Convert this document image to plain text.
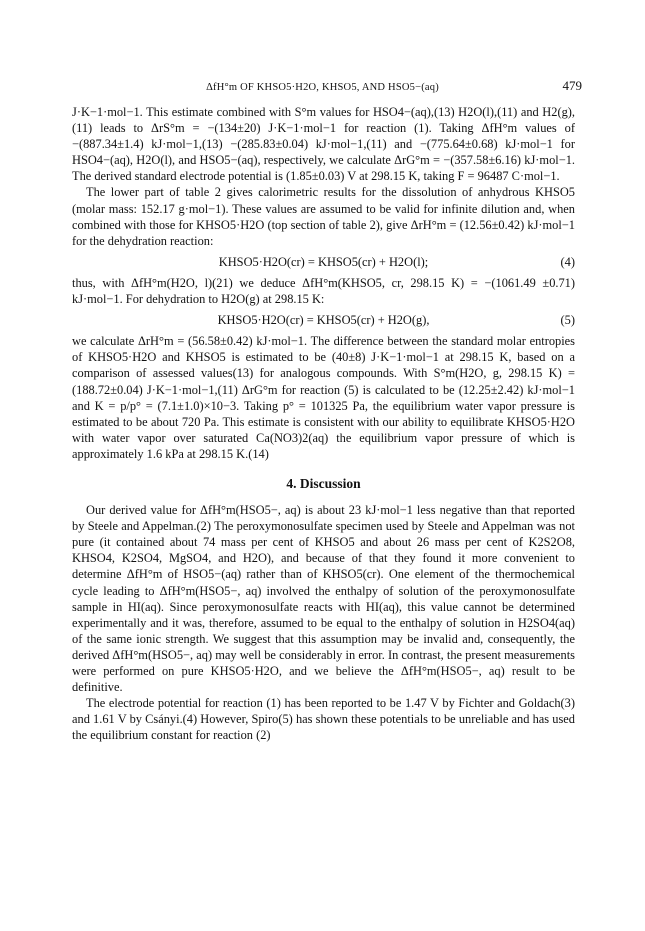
ΔfH°m OF KHSO5·H2O, KHSO5, AND HSO5−(aq)	479

J·K−1·mol−1. This estimate combined with S°m values for HSO4−(aq),(13) H2O(l),(11) and H2(g),(11) leads to ΔrS°m = −(134±20) J·K−1·mol−1 for reaction (1). Taking ΔfH°m values of −(887.34±1.4) kJ·mol−1,(13) −(285.83±0.04) kJ·mol−1,(11) and −(775.64±0.68) kJ·mol−1 for HSO4−(aq), H2O(l), and HSO5−(aq), respectively, we calculate ΔrG°m = −(357.58±6.16) kJ·mol−1. The derived standard electrode potential is (1.85±0.03) V at 298.15 K, taking F = 96487 C·mol−1.

The lower part of table 2 gives calorimetric results for the dissolution of anhydrous KHSO5 (molar mass: 152.17 g·mol−1). These values are assumed to be valid for infinite dilution and, when combined with those for KHSO5·H2O (top section of table 2), give ΔrH°m = (12.56±0.42) kJ·mol−1 for the dehydration reaction:

KHSO5·H2O(cr) = KHSO5(cr) + H2O(l);	(4)

thus, with ΔfH°m(H2O, l)(21) we deduce ΔfH°m(KHSO5, cr, 298.15 K) = −(1061.49 ±0.71) kJ·mol−1. For dehydration to H2O(g) at 298.15 K:

KHSO5·H2O(cr) = KHSO5(cr) + H2O(g),	(5)

we calculate ΔrH°m = (56.58±0.42) kJ·mol−1. The difference between the standard molar entropies of KHSO5·H2O and KHSO5 is estimated to be (40±8) J·K−1·mol−1 at 298.15 K, based on a comparison of assessed values(13) for analogous compounds. With S°m(H2O, g, 298.15 K) = (188.72±0.04) J·K−1·mol−1,(11) ΔrG°m for reaction (5) is calculated to be (12.25±2.42) kJ·mol−1 and K = p/p° = (7.1±1.0)×10−3. Taking p° = 101325 Pa, the equilibrium water vapor pressure is estimated to be about 720 Pa. This estimate is consistent with our ability to equilibrate KHSO5·H2O with water vapor over saturated Ca(NO3)2(aq) the equilibrium vapor pressure of which is approximately 1.6 kPa at 298.15 K.(14)

4. Discussion

Our derived value for ΔfH°m(HSO5−, aq) is about 23 kJ·mol−1 less negative than that reported by Steele and Appelman.(2) The peroxymonosulfate specimen used by Steele and Appelman was not pure (it contained about 74 mass per cent of KHSO5 and about 26 mass per cent of K2S2O8, KHSO4, K2SO4, MgSO4, and H2O), and because of that they found it more convenient to determine ΔfH°m of HSO5−(aq) rather than of KHSO5(cr). One element of the thermochemical cycle leading to ΔfH°m(HSO5−, aq) involved the enthalpy of solution of the peroxymonosulfate sample in HI(aq). Since peroxymonosulfate reacts with HI(aq), this value cannot be determined experimentally and it was, therefore, assumed to be equal to the enthalpy of solution in H2SO4(aq) of the same ionic strength. We suggest that this assumption may be invalid and, consequently, the derived ΔfH°m(HSO5−, aq) may well be considerably in error. In contrast, the present measurements were performed on pure KHSO5·H2O, and we believe the ΔfH°m(HSO5−, aq) result to be definitive.

The electrode potential for reaction (1) has been reported to be 1.47 V by Fichter and Goldach(3) and 1.61 V by Csányi.(4) However, Spiro(5) has shown these potentials to be unreliable and has used the equilibrium constant for reaction (2)
